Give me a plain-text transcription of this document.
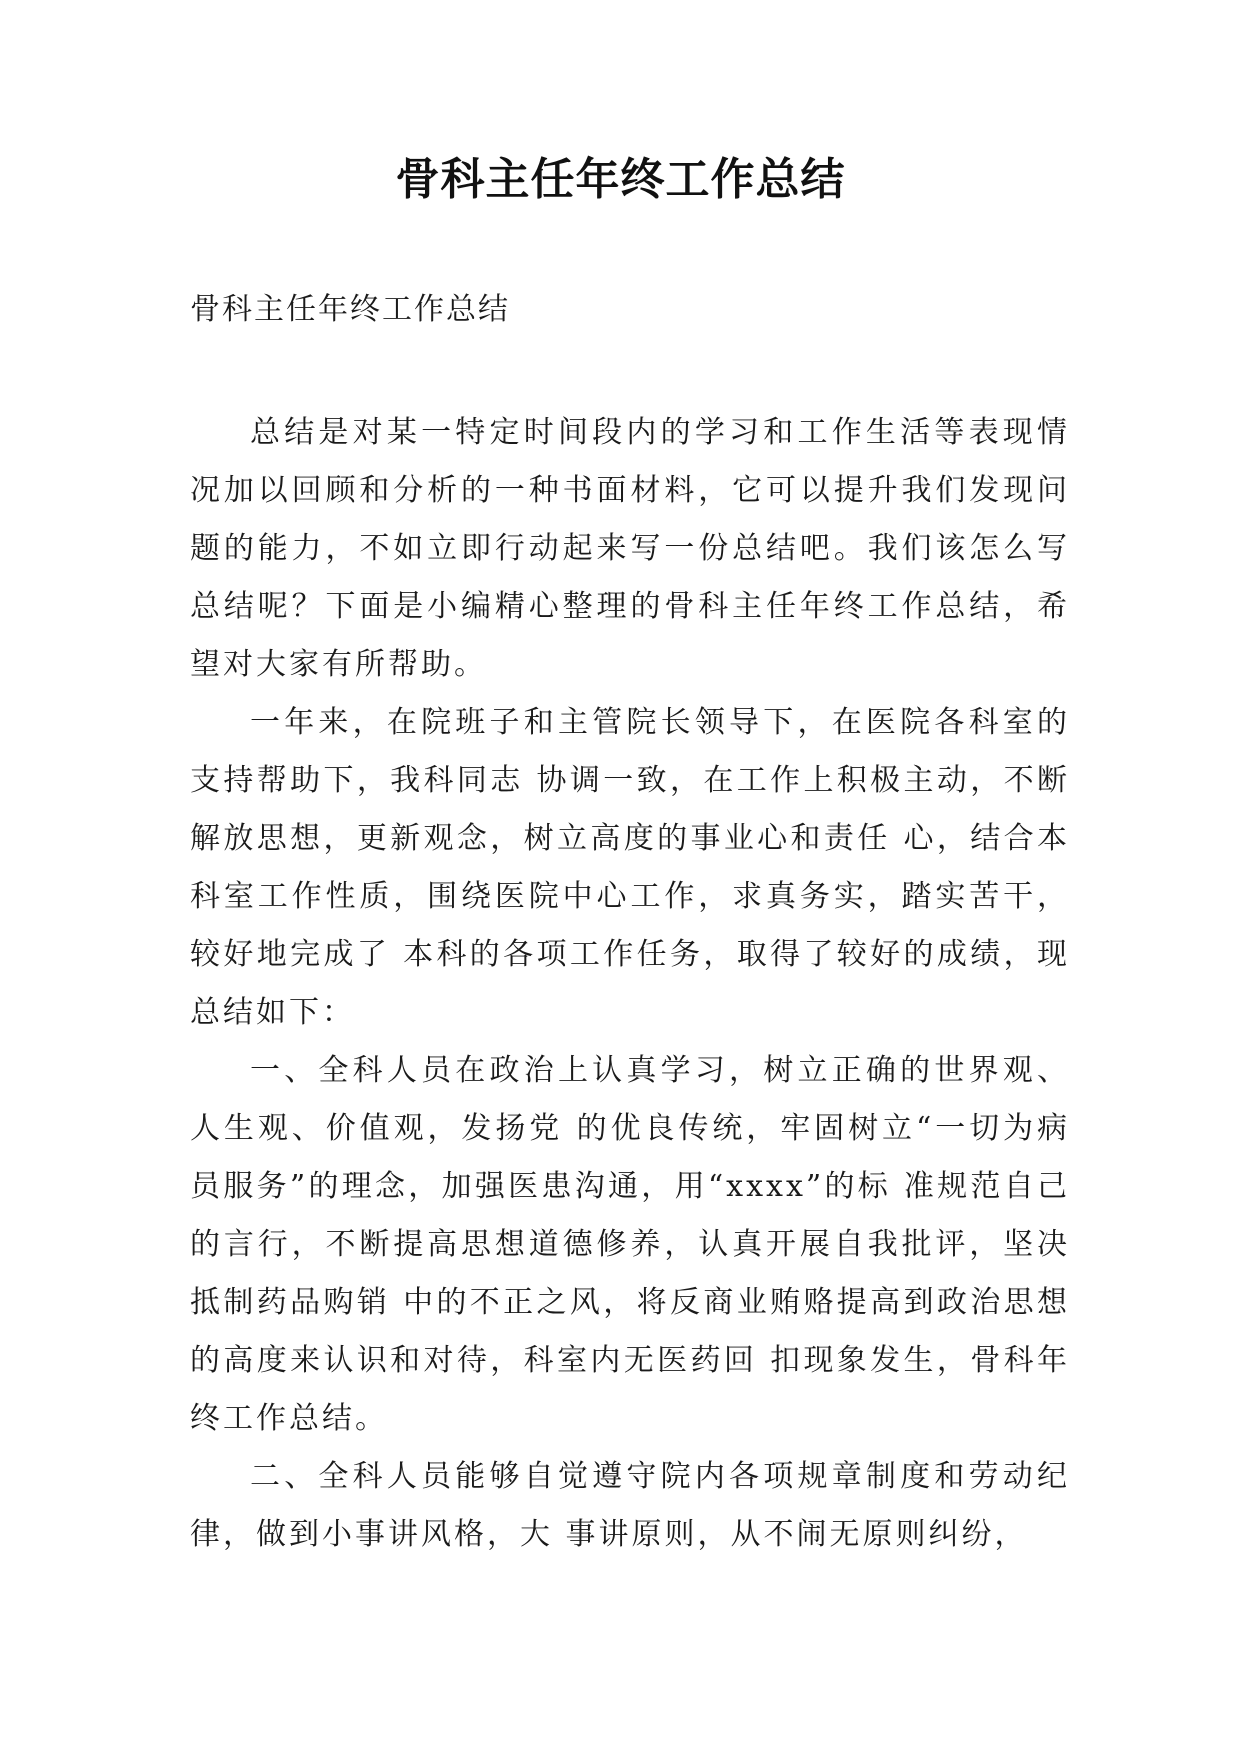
骨科主任年终工作总结
骨科主任年终工作总结

总结是对某一特定时间段内的学习和工作生活等表现情况加以回顾和分析的一种书面材料，它可以提升我们发现问题的能力，不如立即行动起来写一份总结吧。我们该怎么写总结呢？下面是小编精心整理的骨科主任年终工作总结，希望对大家有所帮助。

一年来，在院班子和主管院长领导下，在医院各科室的支持帮助下，我科同志 协调一致，在工作上积极主动，不断解放思想，更新观念，树立高度的事业心和责任 心，结合本科室工作性质，围绕医院中心工作，求真务实，踏实苦干，较好地完成了 本科的各项工作任务，取得了较好的成绩，现总结如下：

一、全科人员在政治上认真学习，树立正确的世界观、人生观、价值观，发扬党 的优良传统，牢固树立“一切为病员服务”的理念，加强医患沟通，用“xxxx”的标 准规范自己的言行，不断提高思想道德修养，认真开展自我批评，坚决抵制药品购销 中的不正之风，将反商业贿赂提高到政治思想的高度来认识和对待，科室内无医药回 扣现象发生，骨科年终工作总结。

二、全科人员能够自觉遵守院内各项规章制度和劳动纪律，做到小事讲风格，大 事讲原则，从不闹无原则纠纷，
